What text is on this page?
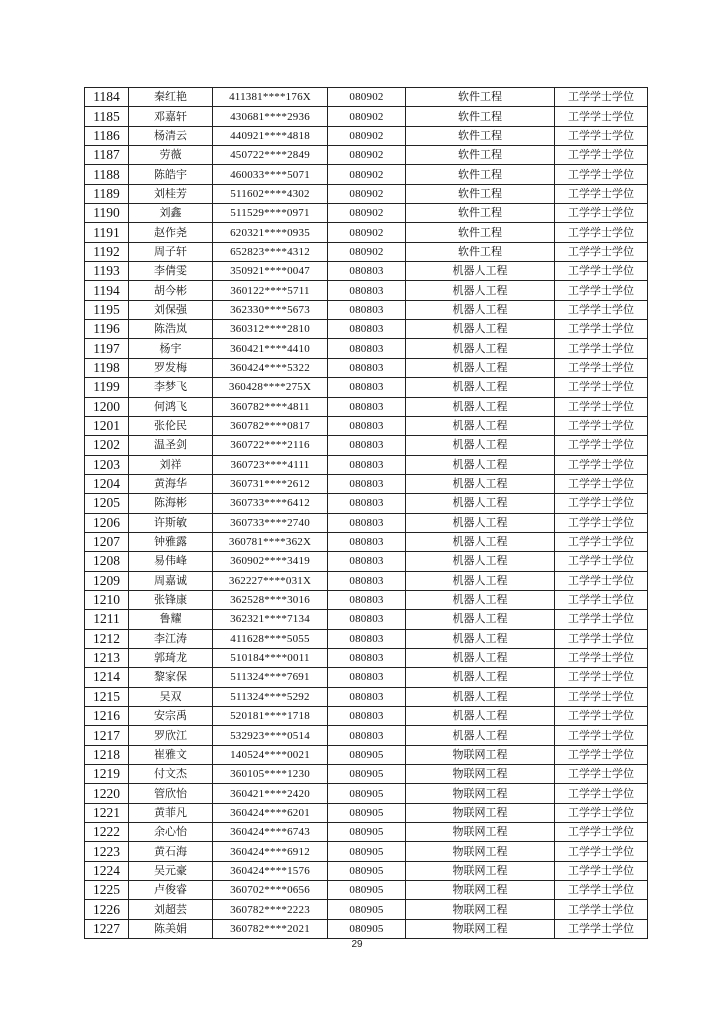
1184	秦红艳	411381****176X	080902	软件工程	工学学士学位
1185	邓嘉轩	430681****2936	080902	软件工程	工学学士学位
1186	杨清云	440921****4818	080902	软件工程	工学学士学位
1187	劳薇	450722****2849	080902	软件工程	工学学士学位
1188	陈皓宇	460033****5071	080902	软件工程	工学学士学位
1189	刘桂芳	511602****4302	080902	软件工程	工学学士学位
1190	刘鑫	511529****0971	080902	软件工程	工学学士学位
1191	赵作尧	620321****0935	080902	软件工程	工学学士学位
1192	周子轩	652823****4312	080902	软件工程	工学学士学位
1193	李倩雯	350921****0047	080803	机器人工程	工学学士学位
1194	胡今彬	360122****5711	080803	机器人工程	工学学士学位
1195	刘保强	362330****5673	080803	机器人工程	工学学士学位
1196	陈浩岚	360312****2810	080803	机器人工程	工学学士学位
1197	杨宇	360421****4410	080803	机器人工程	工学学士学位
1198	罗发梅	360424****5322	080803	机器人工程	工学学士学位
1199	李梦飞	360428****275X	080803	机器人工程	工学学士学位
1200	何鸿飞	360782****4811	080803	机器人工程	工学学士学位
1201	张伦民	360782****0817	080803	机器人工程	工学学士学位
1202	温圣剑	360722****2116	080803	机器人工程	工学学士学位
1203	刘祥	360723****4111	080803	机器人工程	工学学士学位
1204	黄海华	360731****2612	080803	机器人工程	工学学士学位
1205	陈海彬	360733****6412	080803	机器人工程	工学学士学位
1206	许斯敏	360733****2740	080803	机器人工程	工学学士学位
1207	钟雅露	360781****362X	080803	机器人工程	工学学士学位
1208	易伟峰	360902****3419	080803	机器人工程	工学学士学位
1209	周嘉诚	362227****031X	080803	机器人工程	工学学士学位
1210	张锋康	362528****3016	080803	机器人工程	工学学士学位
1211	鲁耀	362321****7134	080803	机器人工程	工学学士学位
1212	李江涛	411628****5055	080803	机器人工程	工学学士学位
1213	郭琦龙	510184****0011	080803	机器人工程	工学学士学位
1214	黎家保	511324****7691	080803	机器人工程	工学学士学位
1215	吴双	511324****5292	080803	机器人工程	工学学士学位
1216	安宗禹	520181****1718	080803	机器人工程	工学学士学位
1217	罗欣江	532923****0514	080803	机器人工程	工学学士学位
1218	崔雅文	140524****0021	080905	物联网工程	工学学士学位
1219	付文杰	360105****1230	080905	物联网工程	工学学士学位
1220	管欣怡	360421****2420	080905	物联网工程	工学学士学位
1221	黄菲凡	360424****6201	080905	物联网工程	工学学士学位
1222	余心怡	360424****6743	080905	物联网工程	工学学士学位
1223	黄石海	360424****6912	080905	物联网工程	工学学士学位
1224	吴元豪	360424****1576	080905	物联网工程	工学学士学位
1225	卢俊睿	360702****0656	080905	物联网工程	工学学士学位
1226	刘超芸	360782****2223	080905	物联网工程	工学学士学位
1227	陈美娟	360782****2021	080905	物联网工程	工学学士学位
29
